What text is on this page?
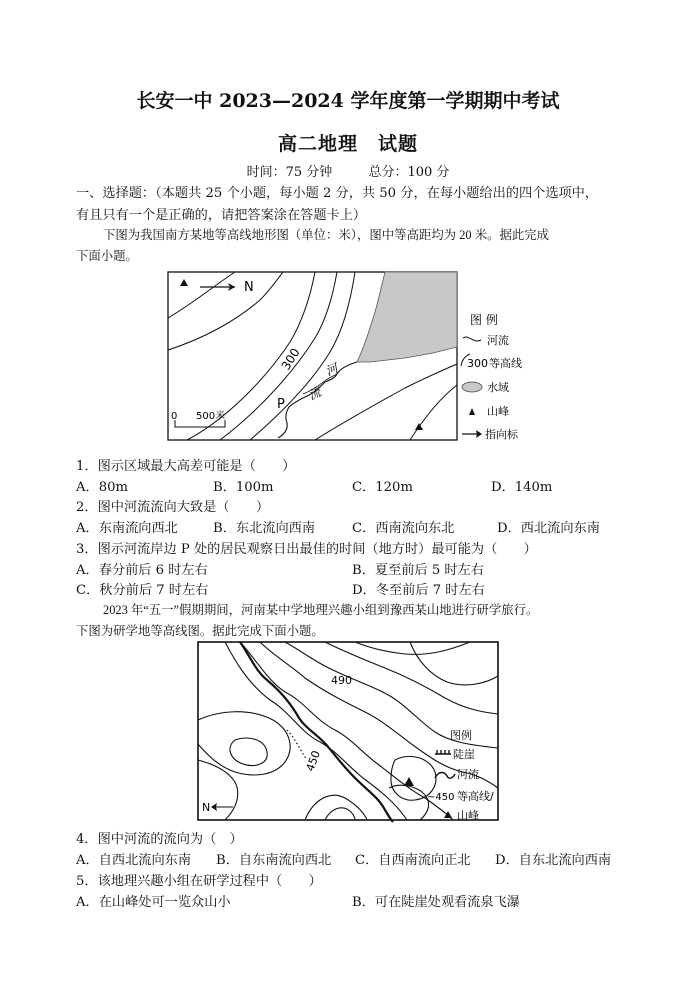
长安一中 2023—2024 学年度第一学期期中考试
高二地理　试题
时间：75 分钟	总分：100 分
一、选择题：（本题共 25 个小题，每小题 2 分，共 50 分，在每小题给出的四个选项中，
有且只有一个是正确的，请把答案涂在答题卡上）
下图为我国南方某地等高线地形图（单位：米），图中等高距均为 20 米。据此完成
下面小题。
N
300 河
流
P
0 500米
图 例
河流
300 等高线
水域
山峰
指向标
1．图示区域最大高差可能是（　　）
A．80m	B．100m	C．120m	D．140m
2．图中河流流向大致是（　　）
A．东南流向西北	B．东北流向西南	C．西南流向东北	D．西北流向东南
3．图示河流岸边 P 处的居民观察日出最佳的时间（地方时）最可能为（　　）
A．春分前后 6 时左右	B．夏至前后 5 时左右
C．秋分前后 7 时左右	D．冬至前后 7 时左右
2023 年“五一”假期期间，河南某中学地理兴趣小组到豫西某山地进行研学旅行。
下图为研学地等高线图。据此完成下面小题。
490
450
N
图例
陡崖
河流
~450 等高线/
山峰
4．图中河流的流向为（　）
A．自西北流向东南 B．自东南流向西北 C．自西南流向正北 D．自东北流向西南
5．该地理兴趣小组在研学过程中（　　）
A．在山峰处可一览众山小	B．可在陡崖处观看流泉飞瀑
